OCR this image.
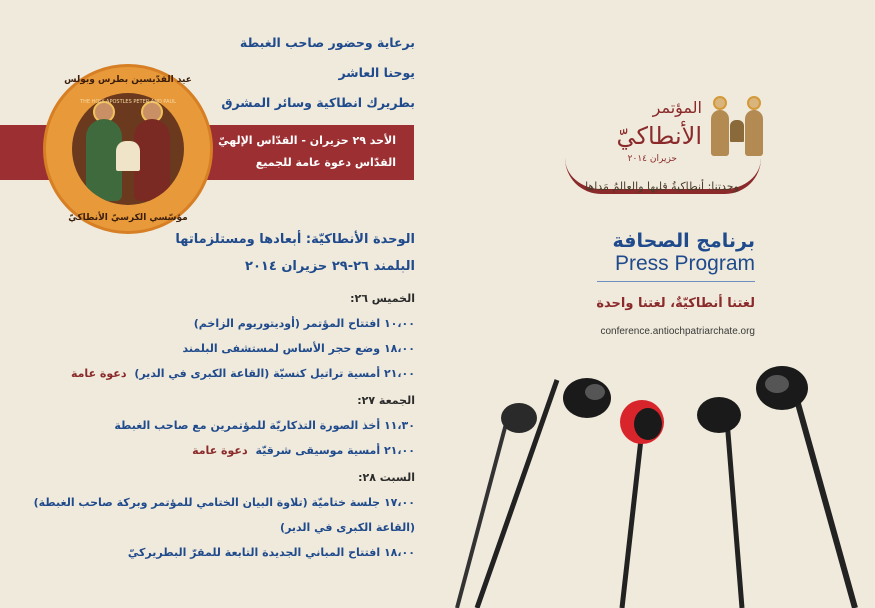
برعاية وحضور صاحب الغبطة
يوحنا العاشر
بطريرك انطاكية وسائر المشرق
الأحد ٢٩ حزيران - القدّاس الإلهيّ
القدّاس دعوة عامة للجميع
عيد القدّيسين بطرس وبولس
THE HOLY APOSTLES PETER AND PAUL
مؤسّسي الكرسيّ الأنطاكيّ
الوحدة الأنطاكيّة: أبعادها ومستلزماتها
البلمند ٢٦-٢٩ حزيران ٢٠١٤
الخميس ٢٦:
١٠،٠٠ افتتاح المؤتمر (أوديتوريوم الزاخم)
١٨،٠٠ وضع حجر الأساس لمستشفى البلمند
٢١،٠٠ أمسية تراتيل كنسيّة (القاعة الكبرى في الدير) دعوة عامة
الجمعة ٢٧:
١١،٣٠ أخذ الصورة التذكاريّة للمؤتمرين مع صاحب الغبطة
٢١،٠٠ أمسية موسيقى شرقيّة دعوة عامة
السبت ٢٨:
١٧،٠٠ جلسة ختاميّة (تلاوة البيان الختامي للمؤتمر وبركة صاحب الغبطة)
(القاعة الكبرى في الدير)
١٨،٠٠ افتتاح المباني الجديدة التابعة للمقرّ البطريركيّ
المؤتمر
الأنطاكيّ
حزيران ٢٠١٤
وحدتنا: أنطاكيةُ قلبها والعالمُ مَداها
برنامج الصحافة
Press Program
لغتنا أنطاكيّةٌ، لغتنا واحدة
conference.antiochpatriarchate.org
